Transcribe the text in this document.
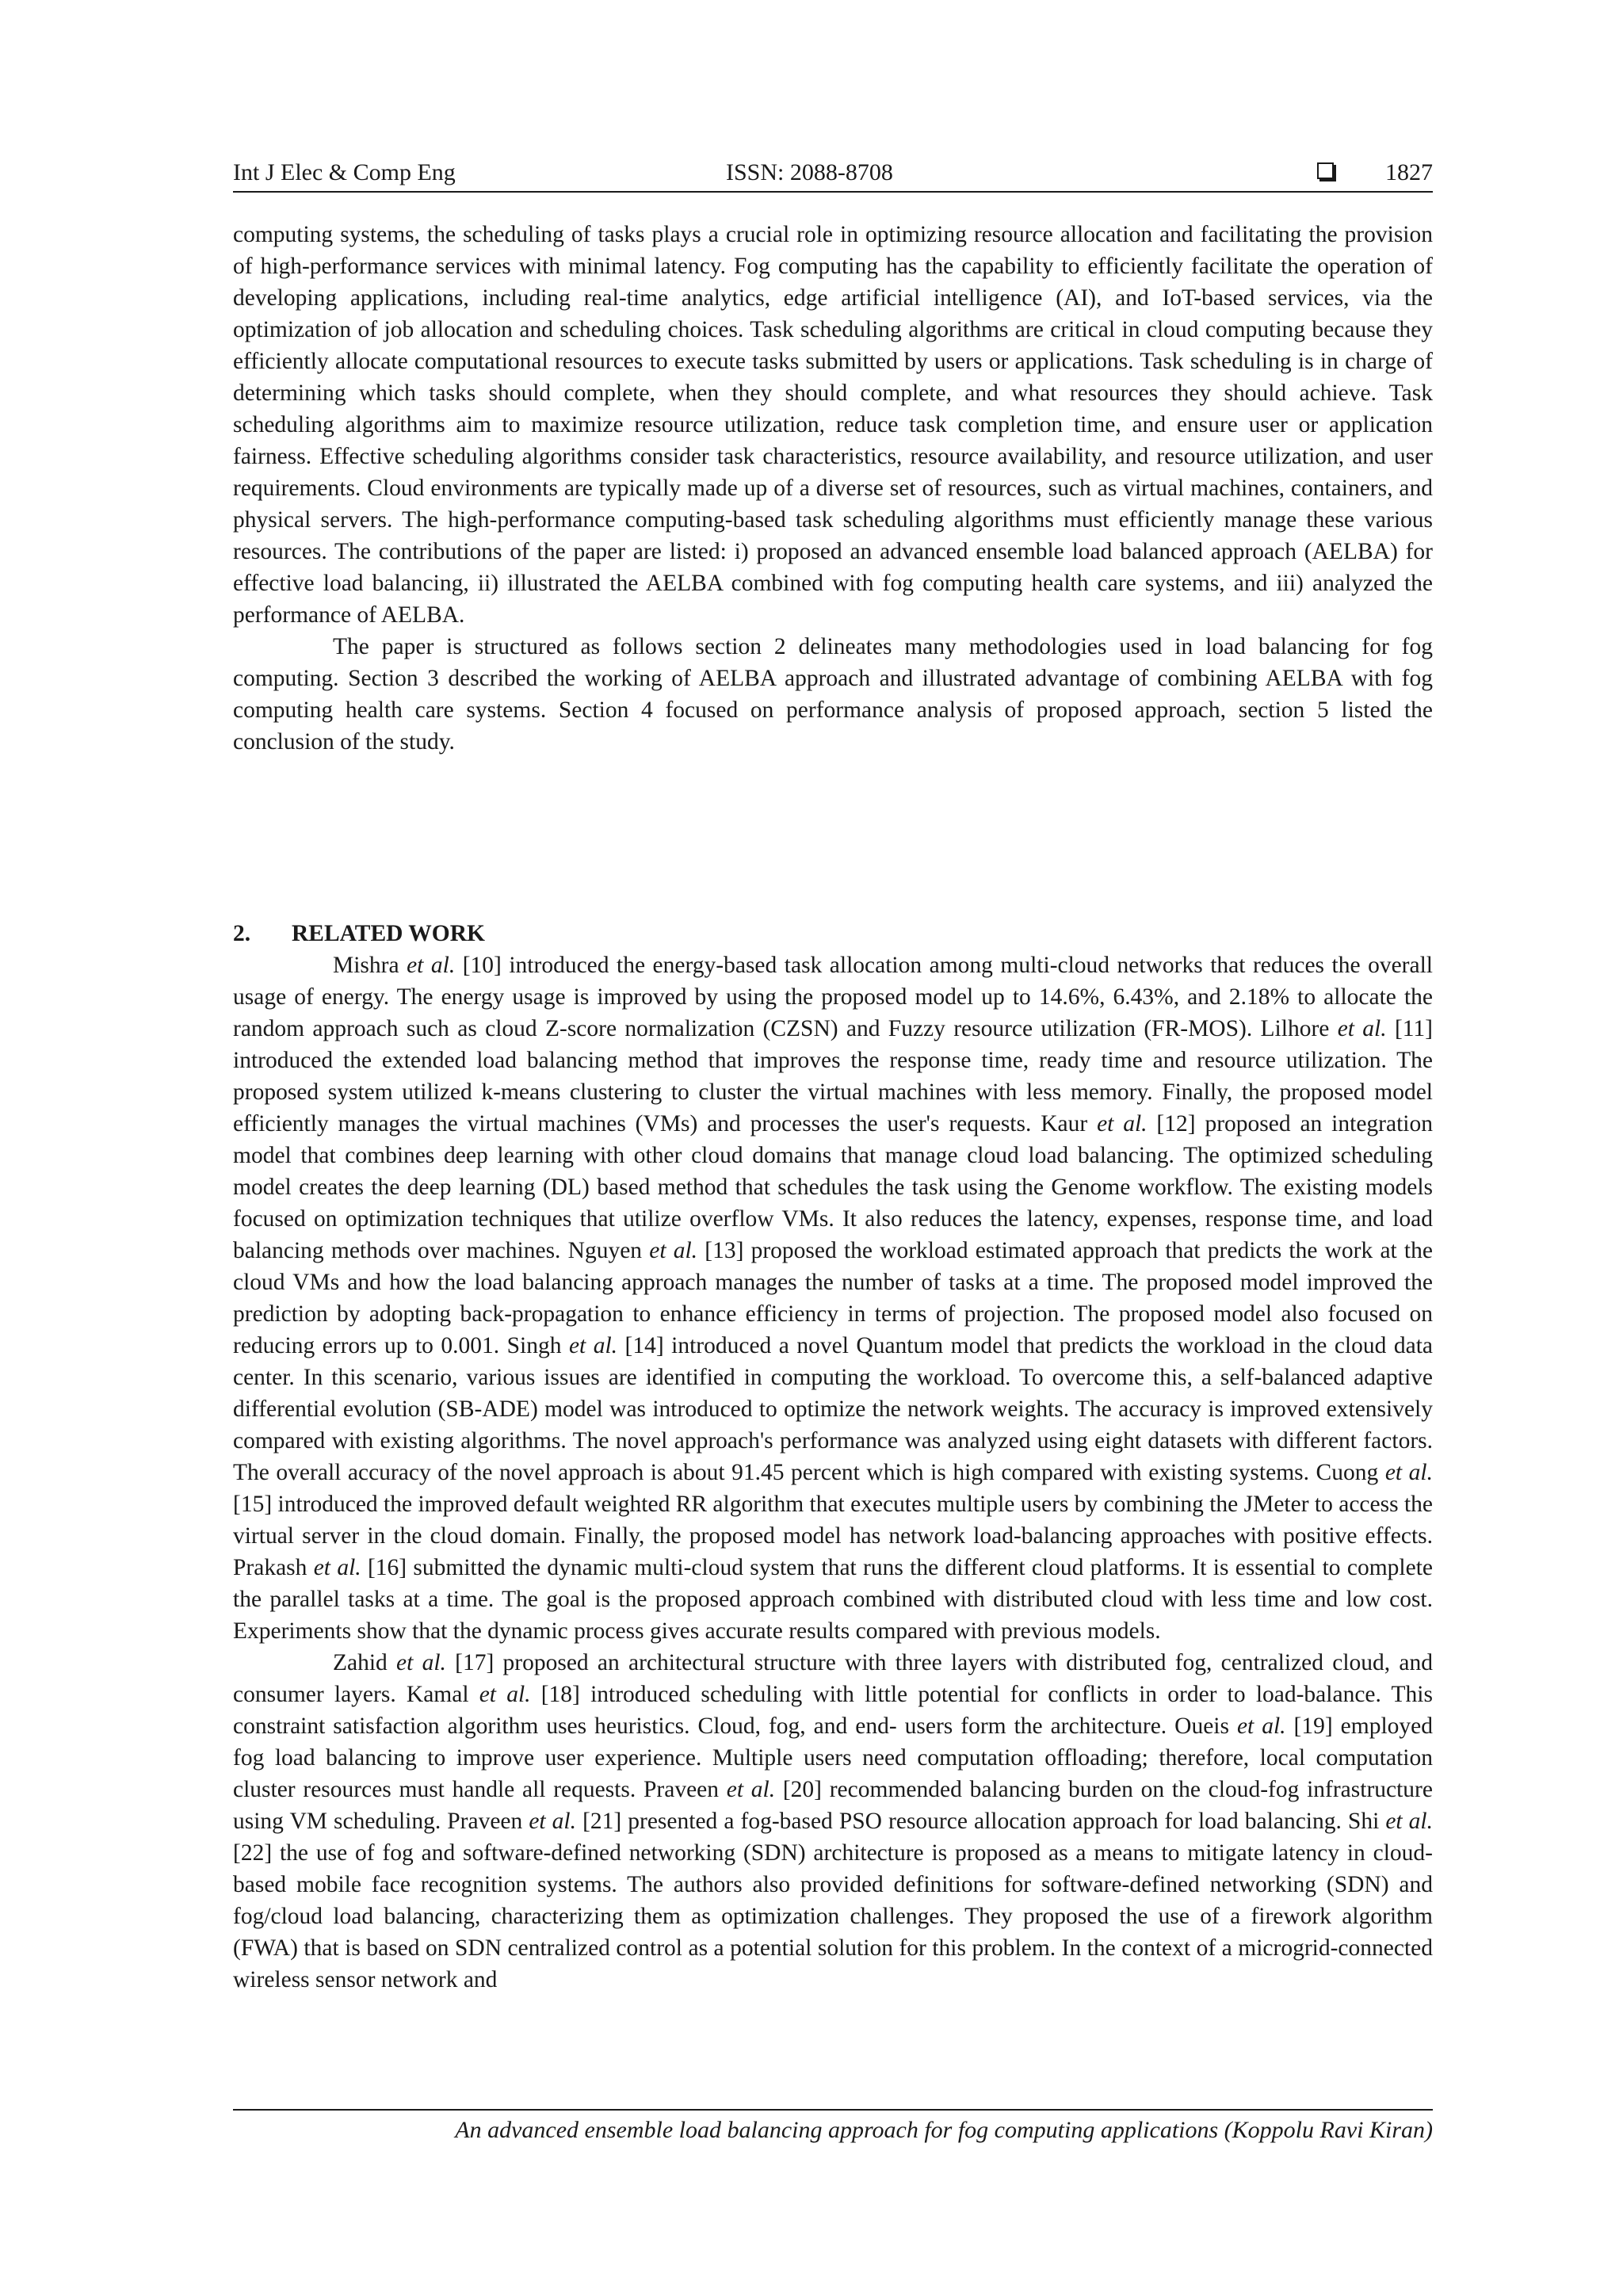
Int J Elec & Comp Eng	ISSN: 2088-8708	1827

computing systems, the scheduling of tasks plays a crucial role in optimizing resource allocation and facilitating the provision of high-performance services with minimal latency. Fog computing has the capability to efficiently facilitate the operation of developing applications, including real-time analytics, edge artificial intelligence (AI), and IoT-based services, via the optimization of job allocation and scheduling choices. Task scheduling algorithms are critical in cloud computing because they efficiently allocate computational resources to execute tasks submitted by users or applications. Task scheduling is in charge of determining which tasks should complete, when they should complete, and what resources they should achieve. Task scheduling algorithms aim to maximize resource utilization, reduce task completion time, and ensure user or application fairness. Effective scheduling algorithms consider task characteristics, resource availability, and resource utilization, and user requirements. Cloud environments are typically made up of a diverse set of resources, such as virtual machines, containers, and physical servers. The high-performance computing-based task scheduling algorithms must efficiently manage these various resources. The contributions of the paper are listed: i) proposed an advanced ensemble load balanced approach (AELBA) for effective load balancing, ii) illustrated the AELBA combined with fog computing health care systems, and iii) analyzed the performance of AELBA.

The paper is structured as follows section 2 delineates many methodologies used in load balancing for fog computing. Section 3 described the working of AELBA approach and illustrated advantage of combining AELBA with fog computing health care systems. Section 4 focused on performance analysis of proposed approach, section 5 listed the conclusion of the study.

2. RELATED WORK

Mishra et al. [10] introduced the energy-based task allocation among multi-cloud networks that reduces the overall usage of energy. The energy usage is improved by using the proposed model up to 14.6%, 6.43%, and 2.18% to allocate the random approach such as cloud Z-score normalization (CZSN) and Fuzzy resource utilization (FR-MOS). Lilhore et al. [11] introduced the extended load balancing method that improves the response time, ready time and resource utilization. The proposed system utilized k-means clustering to cluster the virtual machines with less memory. Finally, the proposed model efficiently manages the virtual machines (VMs) and processes the user's requests. Kaur et al. [12] proposed an integration model that combines deep learning with other cloud domains that manage cloud load balancing. The optimized scheduling model creates the deep learning (DL) based method that schedules the task using the Genome workflow. The existing models focused on optimization techniques that utilize overflow VMs. It also reduces the latency, expenses, response time, and load balancing methods over machines. Nguyen et al. [13] proposed the workload estimated approach that predicts the work at the cloud VMs and how the load balancing approach manages the number of tasks at a time. The proposed model improved the prediction by adopting back-propagation to enhance efficiency in terms of projection. The proposed model also focused on reducing errors up to 0.001. Singh et al. [14] introduced a novel Quantum model that predicts the workload in the cloud data center. In this scenario, various issues are identified in computing the workload. To overcome this, a self-balanced adaptive differential evolution (SB-ADE) model was introduced to optimize the network weights. The accuracy is improved extensively compared with existing algorithms. The novel approach's performance was analyzed using eight datasets with different factors. The overall accuracy of the novel approach is about 91.45 percent which is high compared with existing systems. Cuong et al. [15] introduced the improved default weighted RR algorithm that executes multiple users by combining the JMeter to access the virtual server in the cloud domain. Finally, the proposed model has network load-balancing approaches with positive effects. Prakash et al. [16] submitted the dynamic multi-cloud system that runs the different cloud platforms. It is essential to complete the parallel tasks at a time. The goal is the proposed approach combined with distributed cloud with less time and low cost. Experiments show that the dynamic process gives accurate results compared with previous models.

Zahid et al. [17] proposed an architectural structure with three layers with distributed fog, centralized cloud, and consumer layers. Kamal et al. [18] introduced scheduling with little potential for conflicts in order to load-balance. This constraint satisfaction algorithm uses heuristics. Cloud, fog, and end- users form the architecture. Oueis et al. [19] employed fog load balancing to improve user experience. Multiple users need computation offloading; therefore, local computation cluster resources must handle all requests. Praveen et al. [20] recommended balancing burden on the cloud-fog infrastructure using VM scheduling. Praveen et al. [21] presented a fog-based PSO resource allocation approach for load balancing. Shi et al. [22] the use of fog and software-defined networking (SDN) architecture is proposed as a means to mitigate latency in cloud-based mobile face recognition systems. The authors also provided definitions for software-defined networking (SDN) and fog/cloud load balancing, characterizing them as optimization challenges. They proposed the use of a firework algorithm (FWA) that is based on SDN centralized control as a potential solution for this problem. In the context of a microgrid-connected wireless sensor network and

An advanced ensemble load balancing approach for fog computing applications (Koppolu Ravi Kiran)
